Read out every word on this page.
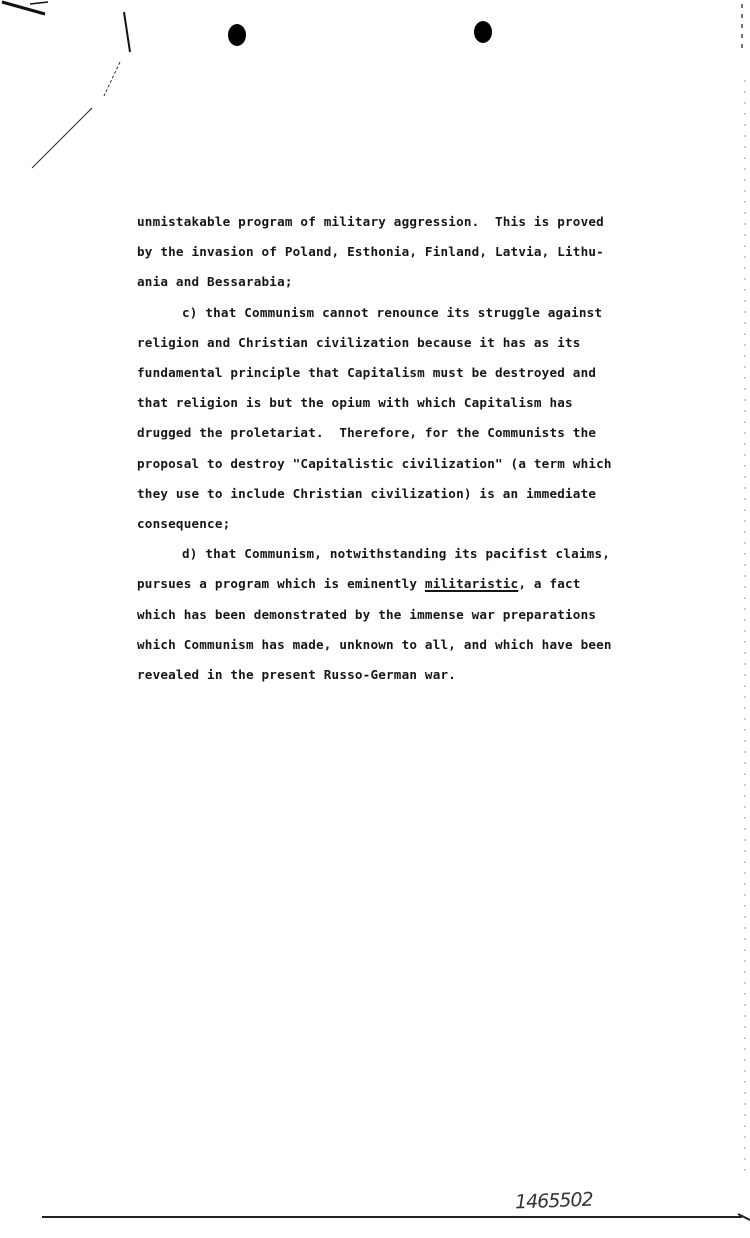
unmistakable program of military aggression.  This is proved

by the invasion of Poland, Esthonia, Finland, Latvia, Lithu-

ania and Bessarabia;

c) that Communism cannot renounce its struggle against

religion and Christian civilization because it has as its

fundamental principle that Capitalism must be destroyed and

that religion is but the opium with which Capitalism has

drugged the proletariat.  Therefore, for the Communists the

proposal to destroy "Capitalistic civilization" (a term which

they use to include Christian civilization) is an immediate

consequence;

d) that Communism, notwithstanding its pacifist claims,

pursues a program which is eminently militaristic, a fact

which has been demonstrated by the immense war preparations

which Communism has made, unknown to all, and which have been

revealed in the present Russo-German war.

1465502
